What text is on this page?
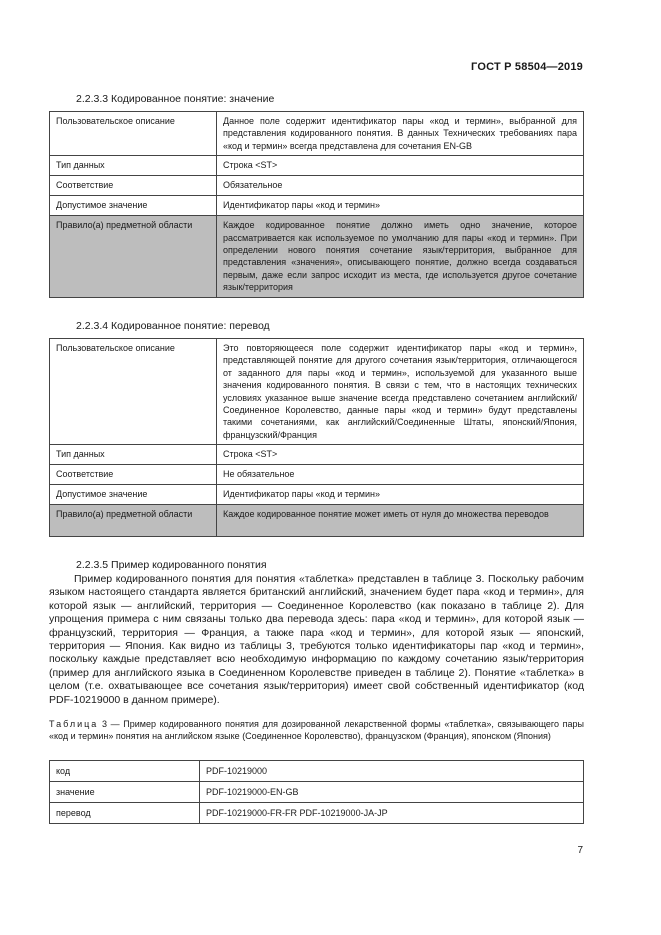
ГОСТ Р 58504—2019
2.2.3.3 Кодированное понятие: значение
Пользовательское описание	Данное поле содержит идентификатор пары «код и термин», выбранной для представления кодированного понятия. В данных Технических требованиях пара «код и термин» всегда представлена для сочетания EN-GB
Тип данных	Строка <ST>
Соответствие	Обязательное
Допустимое значение	Идентификатор пары «код и термин»
Правило(а) предметной области	Каждое кодированное понятие должно иметь одно значение, которое рассматривается как используемое по умолчанию для пары «код и термин». При определении нового понятия сочетание язык/территория, выбранное для представления «значения», описывающего понятие, должно всегда создаваться первым, даже если запрос исходит из места, где используется другое сочетание язык/территория
2.2.3.4 Кодированное понятие: перевод
Пользовательское описание	Это повторяющееся поле содержит идентификатор пары «код и термин», представляющей понятие для другого сочетания язык/территория, отличающегося от заданного для пары «код и термин», используемой для указанного выше значения кодированного понятия. В связи с тем, что в настоящих технических условиях указанное выше значение всегда представлено сочетанием английский/Соединенное Королевство, данные пары «код и термин» будут представлены такими сочетаниями, как английский/Соединенные Штаты, японский/Япония, французский/Франция
Тип данных	Строка <ST>
Соответствие	Не обязательное
Допустимое значение	Идентификатор пары «код и термин»
Правило(а) предметной области	Каждое кодированное понятие может иметь от нуля до множества переводов
2.2.3.5 Пример кодированного понятия

Пример кодированного понятия для понятия «таблетка» представлен в таблице 3. Поскольку рабочим языком настоящего стандарта является британский английский, значением будет пара «код и термин», для которой язык — английский, территория — Соединенное Королевство (как показано в таблице 2). Для упрощения примера с ним связаны только два перевода здесь: пара «код и термин», для которой язык — французский, территория — Франция, а также пара «код и термин», для которой язык — японский, территория — Япония. Как видно из таблицы 3, требуются только идентификаторы пар «код и термин», поскольку каждые представляет всю необходимую информацию по каждому сочетанию язык/территория (пример для английского языка в Соединенном Королевстве приведен в таблице 2). Понятие «таблетка» в целом (т.е. охватывающее все сочетания язык/территория) имеет свой собственный идентификатор (код PDF-10219000 в данном примере).

Таблица 3 — Пример кодированного понятия для дозированной лекарственной формы «таблетка», связывающего пары «код и термин» понятия на английском языке (Соединенное Королевство), французском (Франция), японском (Япония)

код	PDF-10219000
значение	PDF-10219000-EN-GB
перевод	PDF-10219000-FR-FR PDF-10219000-JA-JP
7
